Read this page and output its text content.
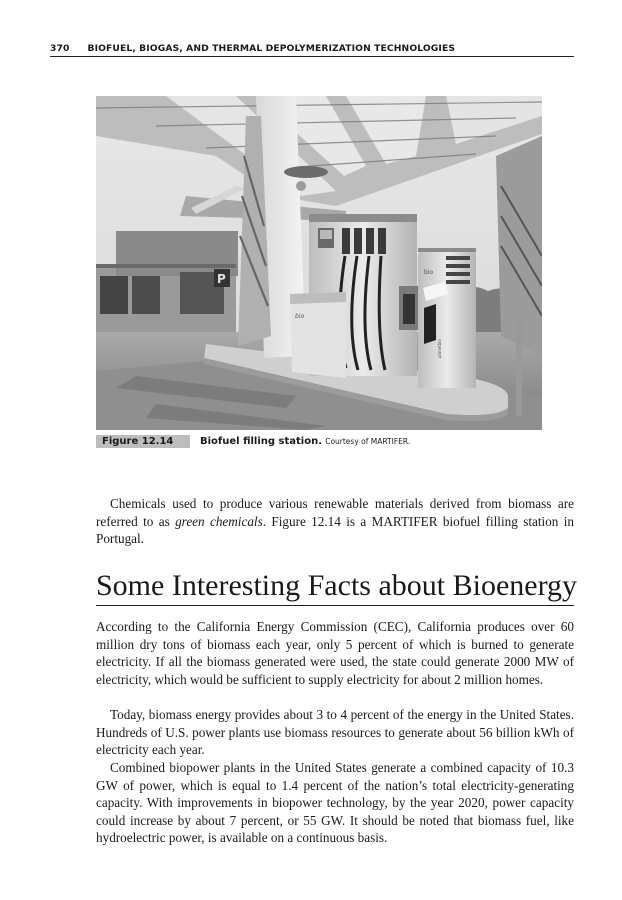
370 BIOFUEL, BIOGAS, AND THERMAL DEPOLYMERIZATION TECHNOLOGIES
P
bio
bio
planetbio
Figure 12.14	Biofuel filling station. Courtesy of MARTIFER.

Chemicals used to produce various renewable materials derived from biomass are referred to as green chemicals. Figure 12.14 is a MARTIFER biofuel filling station in Portugal.

Some Interesting Facts about Bioenergy

According to the California Energy Commission (CEC), California produces over 60 million dry tons of biomass each year, only 5 percent of which is burned to generate electricity. If all the biomass generated were used, the state could generate 2000 MW of electricity, which would be sufficient to supply electricity for about 2 million homes.

Today, biomass energy provides about 3 to 4 percent of the energy in the United States. Hundreds of U.S. power plants use biomass resources to generate about 56 billion kWh of electricity each year.

Combined biopower plants in the United States generate a combined capacity of 10.3 GW of power, which is equal to 1.4 percent of the nation’s total electricity-generating capacity. With improvements in biopower technology, by the year 2020, power capacity could increase by about 7 percent, or 55 GW. It should be noted that biomass fuel, like hydroelectric power, is available on a continuous basis.
